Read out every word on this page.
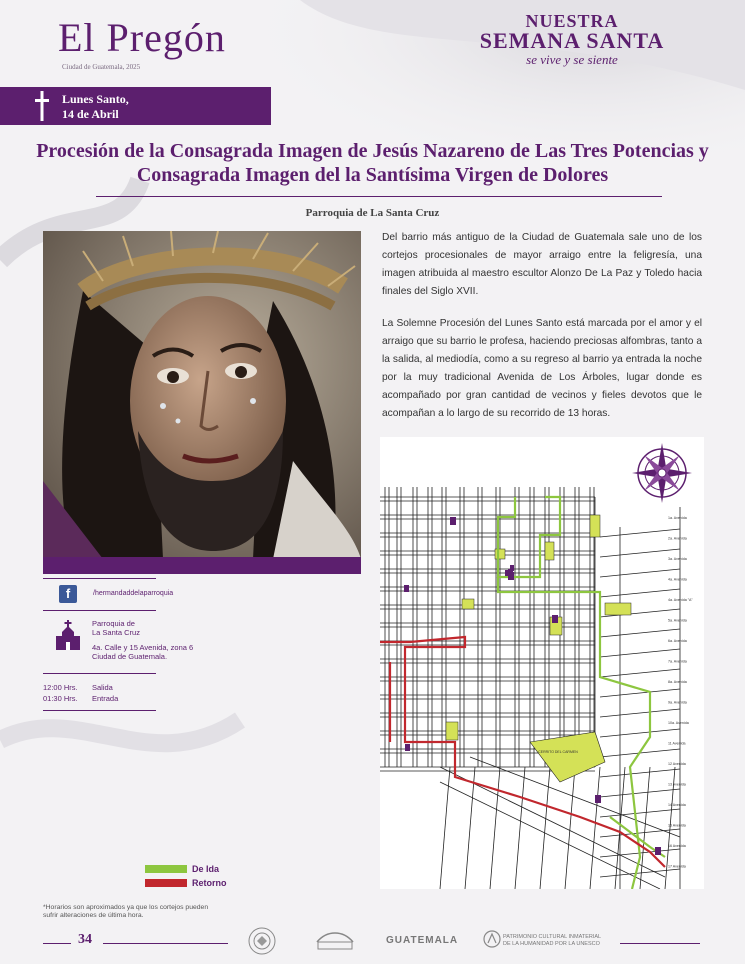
El Pregón
Ciudad de Guatemala, 2025
NUESTRA
SEMANA SANTA
se vive y se siente
Lunes Santo,
14 de Abril
Procesión de la Consagrada Imagen de Jesús Nazareno de Las Tres Potencias y Consagrada Imagen del la Santísima Virgen de Dolores
Parroquia de La Santa Cruz
Del barrio más antiguo de la Ciudad de Guatemala sale uno de los cortejos procesionales de mayor arraigo entre la feligresía, una imagen atribuida al maestro escultor Alonzo De La Paz y Toledo hacia finales del Siglo XVII.
La Solemne Procesión del Lunes Santo está marcada por el amor y el arraigo que su barrio le profesa, haciendo preciosas alfombras, tanto a la salida, al mediodía, como a su regreso al barrio ya entrada la noche por la muy tradicional Avenida de Los Árboles, lugar donde es acompañado por gran cantidad de vecinos y fieles devotos que le acompañan a lo largo de su recorrido de 13 horas.
f	/hermandaddelaparroquia
Parroquia de
La Santa Cruz
4a. Calle y 15 Avenida, zona 6
Ciudad de Guatemala.
12:00 Hrs. Salida
01:30 Hrs. Entrada
De Ida
Retorno
*Horarios son aproximados ya que los cortejos pueden sufrir alteraciones de última hora.
CERRITO DEL CARMEN
1a. Avenida
2a. Avenida
3a. Avenida
4a. Avenida
4a. Avenida "A"
5a. Avenida
6a. Avenida
7a. Avenida
8a. Avenida
9a. Avenida
10a. Avenida
11 Avenida
12 Avenida
13 Avenida
14 Avenida
15 Avenida
16 Avenida
17 Avenida
34	GUATEMALA	PATRIMONIO CULTURAL INMATERIAL DE LA HUMANIDAD POR LA UNESCO
